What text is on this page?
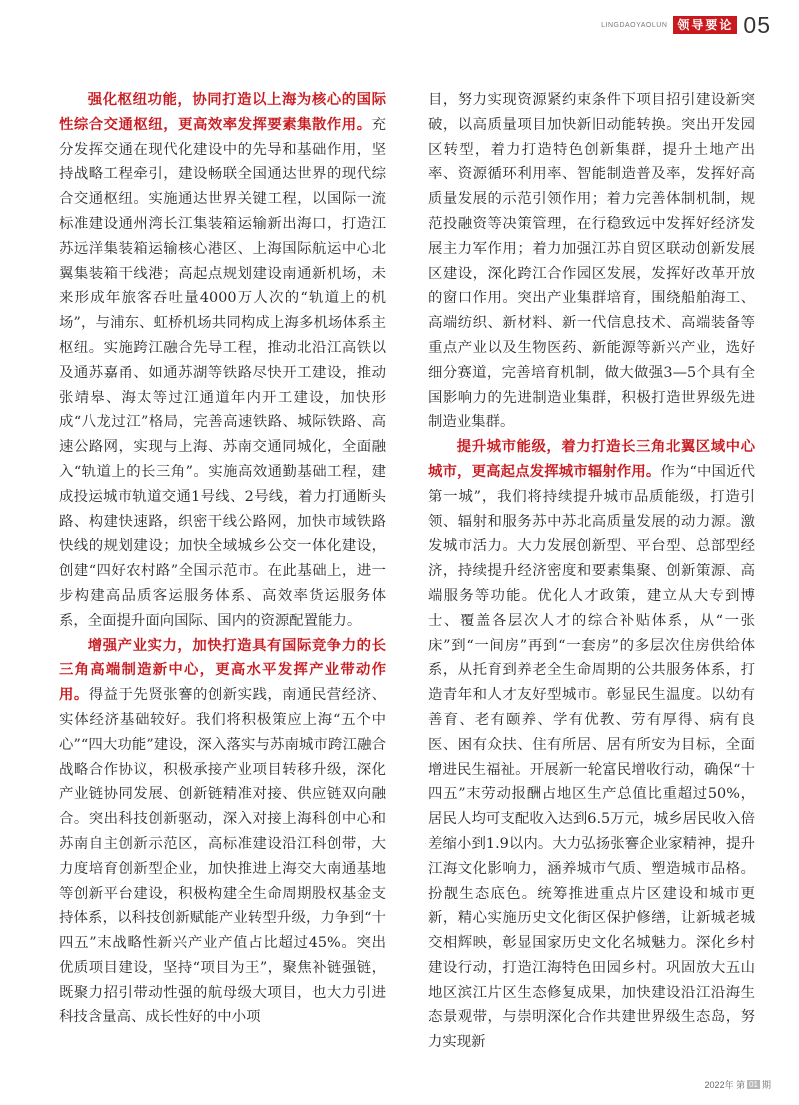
LINGDAOYAOLUN 领导要论 05

强化枢纽功能，协同打造以上海为核心的国际性综合交通枢纽，更高效率发挥要素集散作用。充分发挥交通在现代化建设中的先导和基础作用，坚持战略工程牵引，建设畅联全国通达世界的现代综合交通枢纽。实施通达世界关键工程，以国际一流标准建设通州湾长江集装箱运输新出海口，打造江苏远洋集装箱运输核心港区、上海国际航运中心北翼集装箱干线港；高起点规划建设南通新机场，未来形成年旅客吞吐量4000万人次的“轨道上的机场”，与浦东、虹桥机场共同构成上海多机场体系主枢纽。实施跨江融合先导工程，推动北沿江高铁以及通苏嘉甬、如通苏湖等铁路尽快开工建设，推动张靖皋、海太等过江通道年内开工建设，加快形成“八龙过江”格局，完善高速铁路、城际铁路、高速公路网，实现与上海、苏南交通同城化，全面融入“轨道上的长三角”。实施高效通勤基础工程，建成投运城市轨道交通1号线、2号线，着力打通断头路、构建快速路，织密干线公路网，加快市域铁路快线的规划建设；加快全域城乡公交一体化建设，创建“四好农村路”全国示范市。在此基础上，进一步构建高品质客运服务体系、高效率货运服务体系，全面提升面向国际、国内的资源配置能力。

增强产业实力，加快打造具有国际竞争力的长三角高端制造新中心，更高水平发挥产业带动作用。得益于先贤张謇的创新实践，南通民营经济、实体经济基础较好。我们将积极策应上海“五个中心”“四大功能”建设，深入落实与苏南城市跨江融合战略合作协议，积极承接产业项目转移升级，深化产业链协同发展、创新链精准对接、供应链双向融合。突出科技创新驱动，深入对接上海科创中心和苏南自主创新示范区，高标准建设沿江科创带，大力度培育创新型企业，加快推进上海交大南通基地等创新平台建设，积极构建全生命周期股权基金支持体系，以科技创新赋能产业转型升级，力争到“十四五”末战略性新兴产业产值占比超过45%。突出优质项目建设，坚持“项目为王”，聚焦补链强链，既聚力招引带动性强的航母级大项目，也大力引进科技含量高、成长性好的中小项

目，努力实现资源紧约束条件下项目招引建设新突破，以高质量项目加快新旧动能转换。突出开发园区转型，着力打造特色创新集群，提升土地产出率、资源循环利用率、智能制造普及率，发挥好高质量发展的示范引领作用；着力完善体制机制，规范投融资等决策管理，在行稳致远中发挥好经济发展主力军作用；着力加强江苏自贸区联动创新发展区建设，深化跨江合作园区发展，发挥好改革开放的窗口作用。突出产业集群培育，围绕船舶海工、高端纺织、新材料、新一代信息技术、高端装备等重点产业以及生物医药、新能源等新兴产业，选好细分赛道，完善培育机制，做大做强3—5个具有全国影响力的先进制造业集群，积极打造世界级先进制造业集群。

提升城市能级，着力打造长三角北翼区域中心城市，更高起点发挥城市辐射作用。作为“中国近代第一城”，我们将持续提升城市品质能级，打造引领、辐射和服务苏中苏北高质量发展的动力源。激发城市活力。大力发展创新型、平台型、总部型经济，持续提升经济密度和要素集聚、创新策源、高端服务等功能。优化人才政策，建立从大专到博士、覆盖各层次人才的综合补贴体系，从“一张床”到“一间房”再到“一套房”的多层次住房供给体系，从托育到养老全生命周期的公共服务体系，打造青年和人才友好型城市。彰显民生温度。以幼有善育、老有颐养、学有优教、劳有厚得、病有良医、困有众扶、住有所居、居有所安为目标，全面增进民生福祉。开展新一轮富民增收行动，确保“十四五”末劳动报酬占地区生产总值比重超过50%，居民人均可支配收入达到6.5万元，城乡居民收入倍差缩小到1.9以内。大力弘扬张謇企业家精神，提升江海文化影响力，涵养城市气质、塑造城市品格。扮靓生态底色。统筹推进重点片区建设和城市更新，精心实施历史文化街区保护修缮，让新城老城交相辉映，彰显国家历史文化名城魅力。深化乡村建设行动，打造江海特色田园乡村。巩固放大五山地区滨江片区生态修复成果，加快建设沿江沿海生态景观带，与崇明深化合作共建世界级生态岛，努力实现新

2022年 第 01 期
